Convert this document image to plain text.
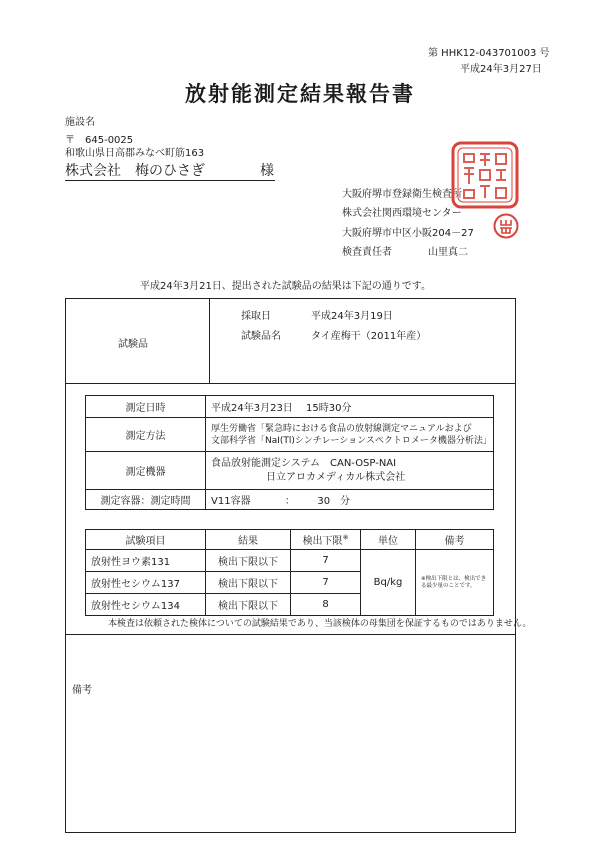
第 HHK12-043701003 号
平成24年3月27日
放射能測定結果報告書
施設名
〒　645-0025
和歌山県日高郡みなべ町筋163
株式会社　梅のひさぎ	様
大阪府堺市登録衛生検査所
株式会社関西環境センター
大阪府堺市中区小阪204－27
検査責任者	山里真二
平成24年3月21日、提出された試験品の結果は下記の通りです。
試験品
採取日	平成24年3月19日
試験品名	タイ産梅干（2011年産）
測定日時	平成24年3月23日　 15時30分
測定方法	厚生労働省「緊急時における食品の放射線測定マニュアルおよび
文部科学省「NaI(Tl)シンチレーションスペクトロメータ機器分析法」

測定機器	食品放射能測定システム　CAN-OSP-NAI
日立アロカメディカル株式会社

測定容器：測定時間	V11容器 ： 30　分
試験項目	結果	検出下限※	単位	備考
放射性ヨウ素131	検出下限以下	7	Bq/kg	※検出下限とは、検出できる最少量のことです。

放射性セシウム137	検出下限以下	7		
放射性セシウム134	検出下限以下	8		
本検査は依頼された検体についての試験結果であり、当該検体の母集団を保証するものではありません。
備考
